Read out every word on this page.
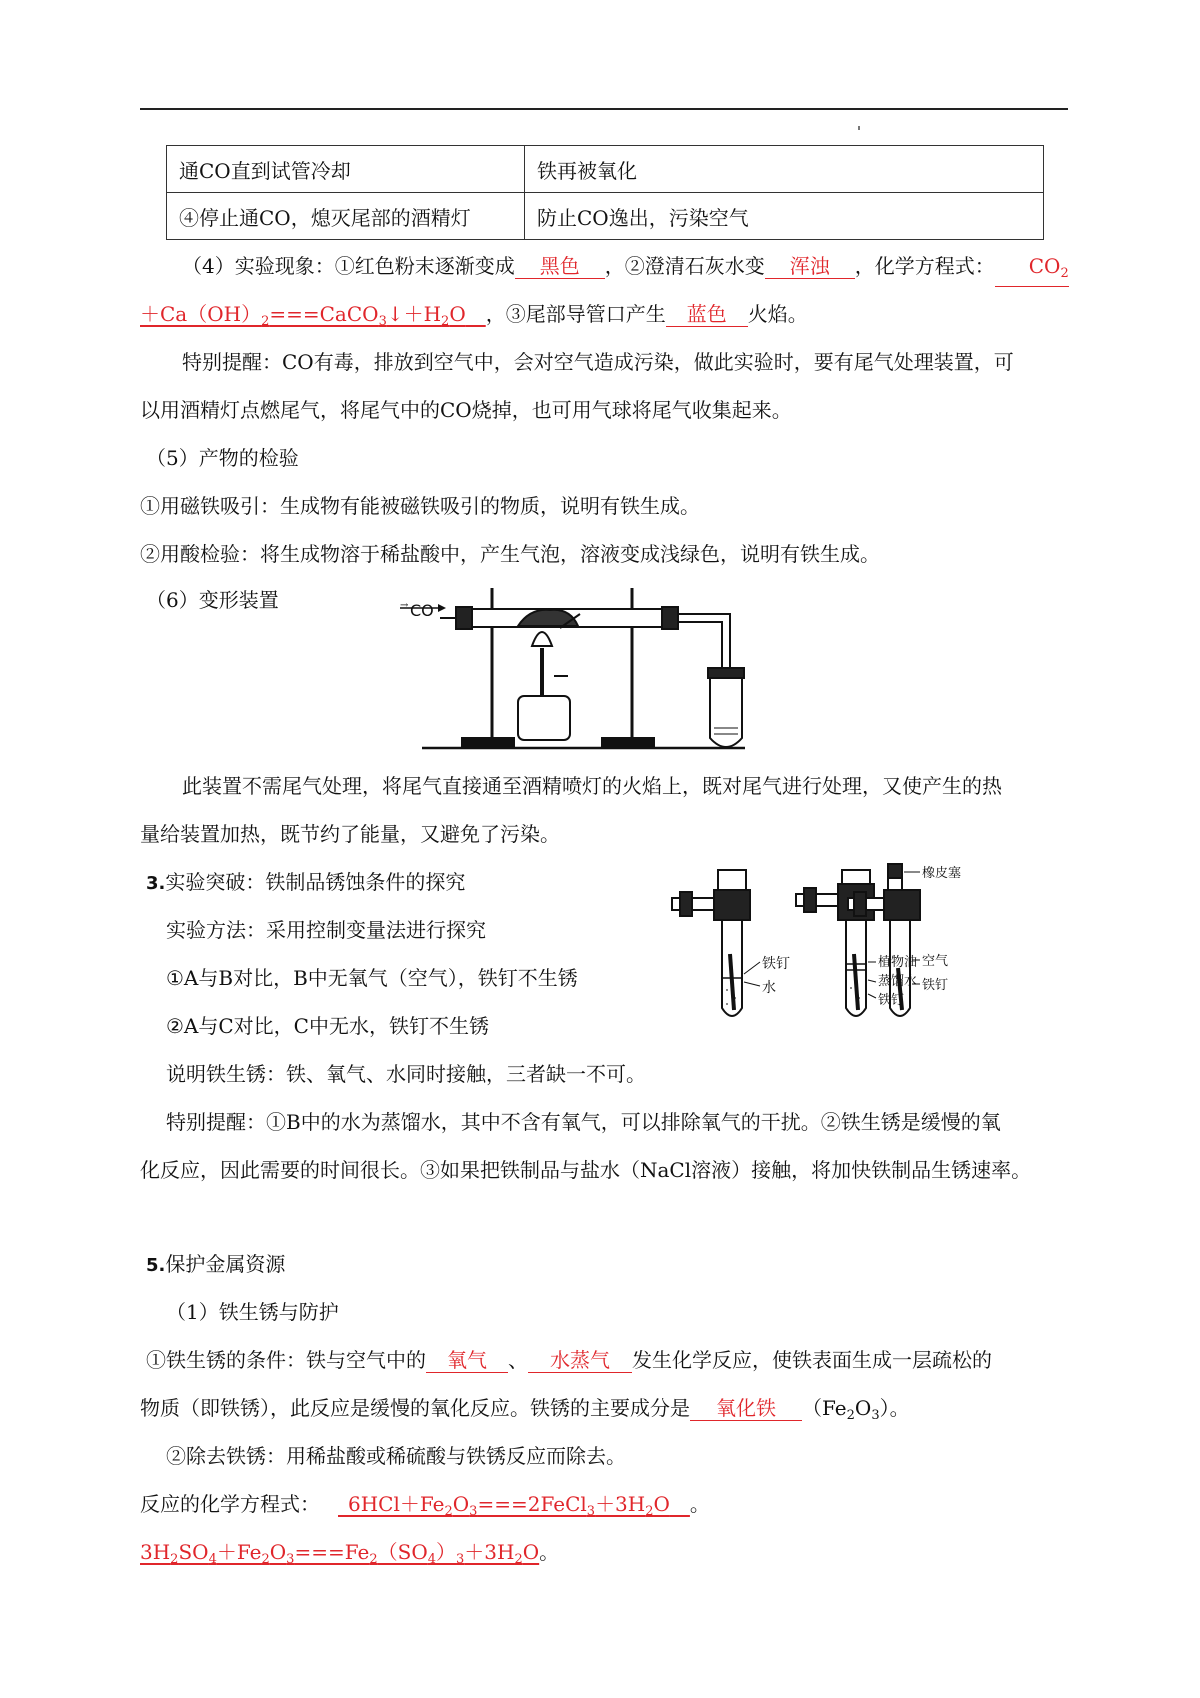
通CO直到试管冷却	铁再被氧化
④停止通CO，熄灭尾部的酒精灯	防止CO逸出，污染空气
（4）实验现象：①红色粉末逐渐变成 黑色 ，②澄清石灰水变 浑浊 ，化学方程式： $CO_2$
$+Ca(OH)_2===CaCO_3↓+H_2O$  ，③尾部导管口产生 蓝色 火焰。
特别提醒：CO有毒，排放到空气中，会对空气造成污染，做此实验时，要有尾气处理装置，可
以用酒精灯点燃尾气，将尾气中的CO烧掉，也可用气球将尾气收集起来。
（5）产物的检验
①用磁铁吸引：生成物有能被磁铁吸引的物质，说明有铁生成。
②用酸检验：将生成物溶于稀盐酸中，产生气泡，溶液变成浅绿色，说明有铁生成。
（6）变形装置	→ CO
此装置不需尾气处理，将尾气直接通至酒精喷灯的火焰上，既对尾气进行处理，又使产生的热
量给装置加热，既节约了能量，又避免了污染。
3.实验突破：铁制品锈蚀条件的探究
实验方法：采用控制变量法进行探究
①A与B对比，B中无氧气（空气），铁钉不生锈
②A与C对比，C中无水，铁钉不生锈
说明铁生锈：铁、氧气、水同时接触，三者缺一不可。
特别提醒：①B中的水为蒸馏水，其中不含有氧气，可以排除氧气的干扰。②铁生锈是缓慢的氧
化反应，因此需要的时间很长。③如果把铁制品与盐水（NaCl溶液）接触，将加快铁制品生锈速率。
铁钉
水
植物油
蒸馏水
铁钉
橡皮塞
空气
铁钉
5.保护金属资源
（1）铁生锈与防护
①铁生锈的条件：铁与空气中的 氧气 、 水蒸气 发生化学反应，使铁表面生成一层疏松的
物质（即铁锈），此反应是缓慢的氧化反应。铁锈的主要成分是 氧化铁 $(Fe_2O_3)$。
②除去铁锈：用稀盐酸或稀硫酸与铁锈反应而除去。
反应的化学方程式：  $6HCl+Fe_2O_3===2FeCl_3+3H_2O$  。
$3H_2SO_4+Fe_2O_3===Fe_2(SO_4)_3+3H_2O$。
